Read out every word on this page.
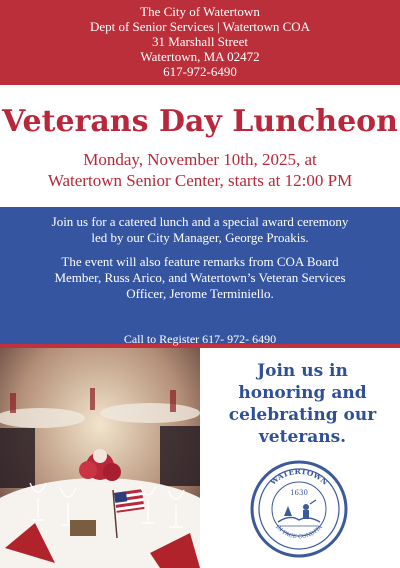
The City of Watertown
Dept of Senior Services | Watertown COA
31 Marshall Street
Watertown, MA 02472
617-972-6490
Veterans Day Luncheon
Monday, November 10th, 2025, at
Watertown Senior Center, starts at 12:00 PM

Join us for a catered lunch and a special award ceremony
led by our City Manager, George Proakis.

The event will also feature remarks from COA Board
Member, Russ Arico, and Watertown’s Veteran Services
Officer, Jerome Terminiello.

Call to Register 617- 972- 6490
Join us in
honoring and
celebrating our
veterans.
WATERTOWN
IN PACE CONDITA
1630
